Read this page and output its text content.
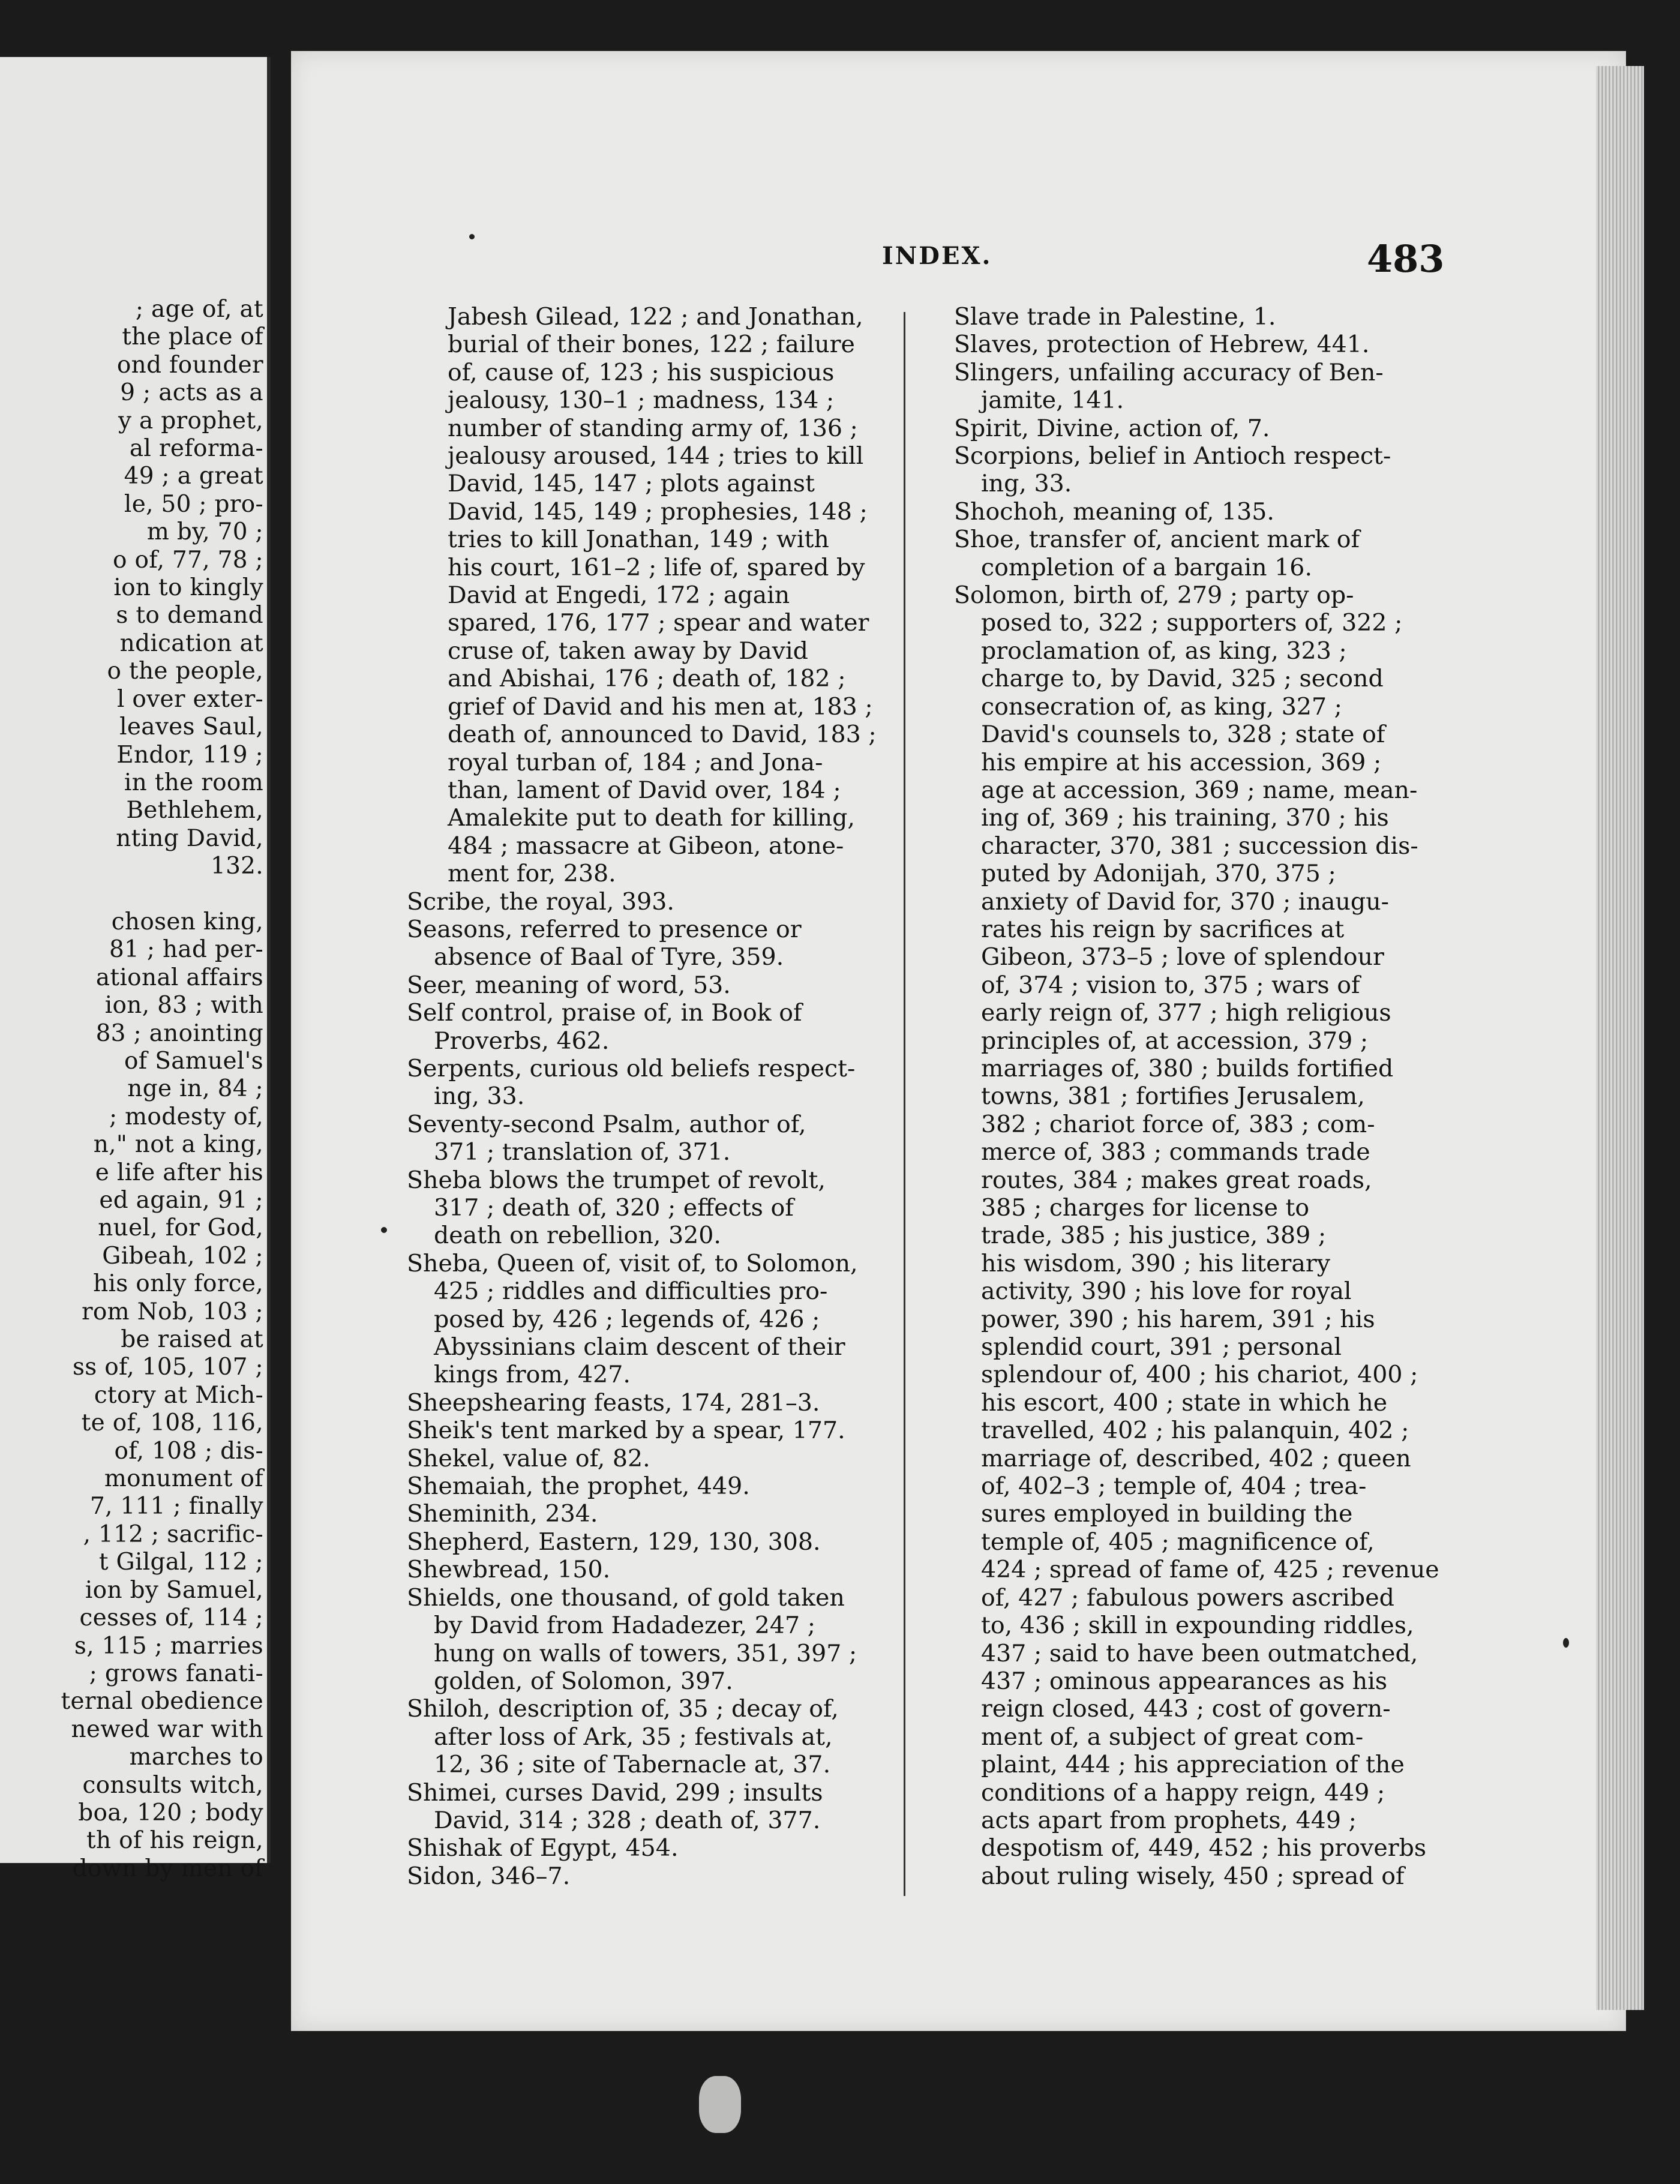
; age of, at
the place of
ond founder
9 ; acts as a
y a prophet,
al reforma-
49 ; a great
le, 50 ; pro-
m by, 70 ;
o of, 77, 78 ;
ion to kingly
s to demand
ndication at
o the people,
l over exter-
leaves Saul,
Endor, 119 ;
in the room
Bethlehem,
nting David,
132.

chosen king,
81 ; had per-
ational affairs
ion, 83 ; with
83 ; anointing
of Samuel's
nge in, 84 ;
; modesty of,
n," not a king,
e life after his
ed again, 91 ;
nuel, for God,
Gibeah, 102 ;
his only force,
rom Nob, 103 ;
be raised at
ss of, 105, 107 ;
ctory at Mich-
te of, 108, 116,
of, 108 ; dis-
monument of
7, 111 ; finally
, 112 ; sacrific-
t Gilgal, 112 ;
ion by Samuel,
cesses of, 114 ;
s, 115 ; marries
; grows fanati-
ternal obedience
newed war with
marches to
consults witch,
boa, 120 ; body
th of his reign,
down by men of
INDEX.	483
Jabesh Gilead, 122 ; and Jonathan,
burial of their bones, 122 ; failure
of, cause of, 123 ; his suspicious
jealousy, 130–1 ; madness, 134 ;
number of standing army of, 136 ;
jealousy aroused, 144 ; tries to kill
David, 145, 147 ; plots against
David, 145, 149 ; prophesies, 148 ;
tries to kill Jonathan, 149 ; with
his court, 161–2 ; life of, spared by
David at Engedi, 172 ; again
spared, 176, 177 ; spear and water
cruse of, taken away by David
and Abishai, 176 ; death of, 182 ;
grief of David and his men at, 183 ;
death of, announced to David, 183 ;
royal turban of, 184 ; and Jona-
than, lament of David over, 184 ;
Amalekite put to death for killing,
484 ; massacre at Gibeon, atone-
ment for, 238.
Scribe, the royal, 393.
Seasons, referred to presence or
absence of Baal of Tyre, 359.
Seer, meaning of word, 53.
Self control, praise of, in Book of
Proverbs, 462.
Serpents, curious old beliefs respect-
ing, 33.
Seventy-second Psalm, author of,
371 ; translation of, 371.
Sheba blows the trumpet of revolt,
317 ; death of, 320 ; effects of
death on rebellion, 320.
Sheba, Queen of, visit of, to Solomon,
425 ; riddles and difficulties pro-
posed by, 426 ; legends of, 426 ;
Abyssinians claim descent of their
kings from, 427.
Sheepshearing feasts, 174, 281–3.
Sheik's tent marked by a spear, 177.
Shekel, value of, 82.
Shemaiah, the prophet, 449.
Sheminith, 234.
Shepherd, Eastern, 129, 130, 308.
Shewbread, 150.
Shields, one thousand, of gold taken
by David from Hadadezer, 247 ;
hung on walls of towers, 351, 397 ;
golden, of Solomon, 397.
Shiloh, description of, 35 ; decay of,
after loss of Ark, 35 ; festivals at,
12, 36 ; site of Tabernacle at, 37.
Shimei, curses David, 299 ; insults
David, 314 ; 328 ; death of, 377.
Shishak of Egypt, 454.
Sidon, 346–7.
Slave trade in Palestine, 1.
Slaves, protection of Hebrew, 441.
Slingers, unfailing accuracy of Ben-
jamite, 141.
Spirit, Divine, action of, 7.
Scorpions, belief in Antioch respect-
ing, 33.
Shochoh, meaning of, 135.
Shoe, transfer of, ancient mark of
completion of a bargain 16.
Solomon, birth of, 279 ; party op-
posed to, 322 ; supporters of, 322 ;
proclamation of, as king, 323 ;
charge to, by David, 325 ; second
consecration of, as king, 327 ;
David's counsels to, 328 ; state of
his empire at his accession, 369 ;
age at accession, 369 ; name, mean-
ing of, 369 ; his training, 370 ; his
character, 370, 381 ; succession dis-
puted by Adonijah, 370, 375 ;
anxiety of David for, 370 ; inaugu-
rates his reign by sacrifices at
Gibeon, 373–5 ; love of splendour
of, 374 ; vision to, 375 ; wars of
early reign of, 377 ; high religious
principles of, at accession, 379 ;
marriages of, 380 ; builds fortified
towns, 381 ; fortifies Jerusalem,
382 ; chariot force of, 383 ; com-
merce of, 383 ; commands trade
routes, 384 ; makes great roads,
385 ; charges for license to
trade, 385 ; his justice, 389 ;
his wisdom, 390 ; his literary
activity, 390 ; his love for royal
power, 390 ; his harem, 391 ; his
splendid court, 391 ; personal
splendour of, 400 ; his chariot, 400 ;
his escort, 400 ; state in which he
travelled, 402 ; his palanquin, 402 ;
marriage of, described, 402 ; queen
of, 402–3 ; temple of, 404 ; trea-
sures employed in building the
temple of, 405 ; magnificence of,
424 ; spread of fame of, 425 ; revenue
of, 427 ; fabulous powers ascribed
to, 436 ; skill in expounding riddles,
437 ; said to have been outmatched,
437 ; ominous appearances as his
reign closed, 443 ; cost of govern-
ment of, a subject of great com-
plaint, 444 ; his appreciation of the
conditions of a happy reign, 449 ;
acts apart from prophets, 449 ;
despotism of, 449, 452 ; his proverbs
about ruling wisely, 450 ; spread of
